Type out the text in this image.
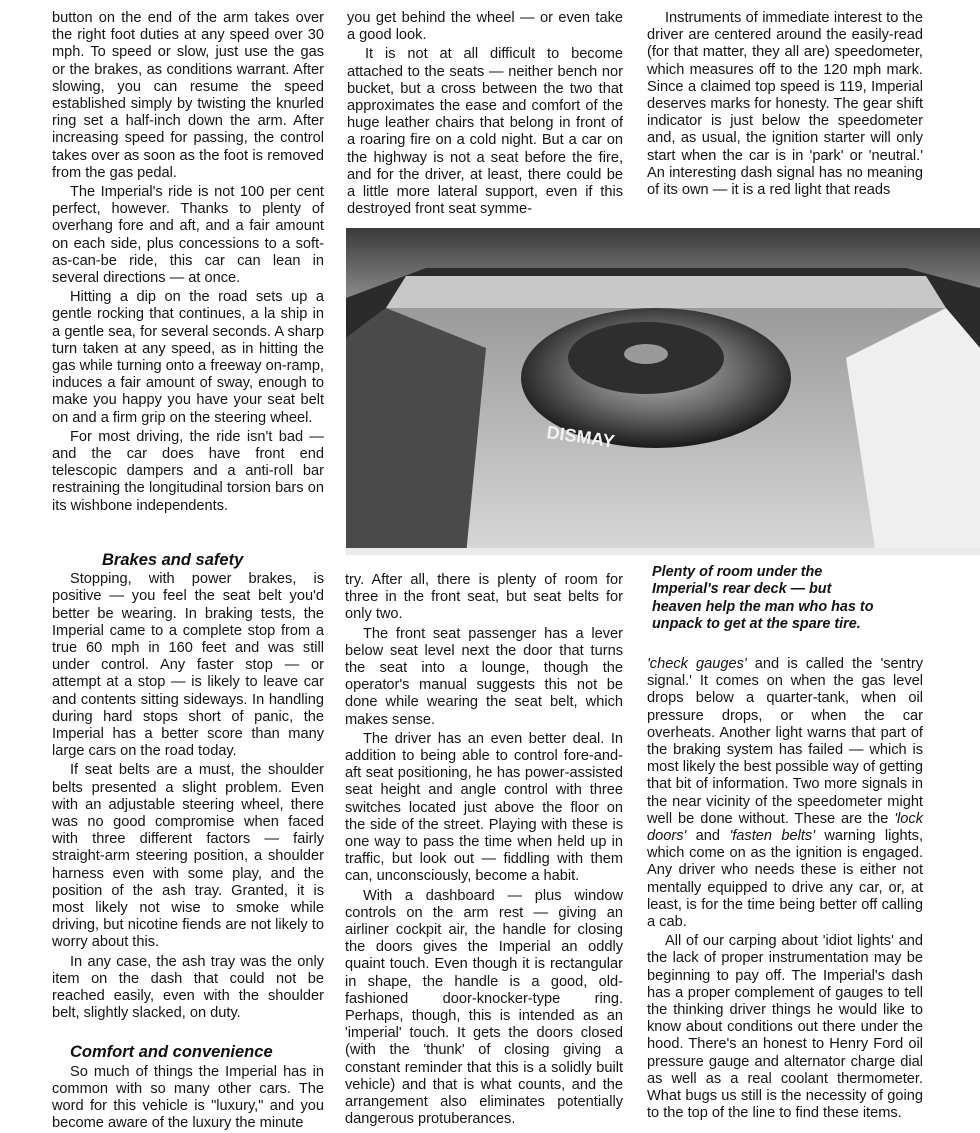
button on the end of the arm takes over the right foot duties at any speed over 30 mph. To speed or slow, just use the gas or the brakes, as conditions warrant. After slowing, you can resume the speed established simply by twisting the knurled ring set a half-inch down the arm. After increasing speed for passing, the control takes over as soon as the foot is removed from the gas pedal.

The Imperial's ride is not 100 per cent perfect, however. Thanks to plenty of overhang fore and aft, and a fair amount on each side, plus concessions to a soft-as-can-be ride, this car can lean in several directions — at once.

Hitting a dip on the road sets up a gentle rocking that continues, a la ship in a gentle sea, for several seconds. A sharp turn taken at any speed, as in hitting the gas while turning onto a freeway on-ramp, induces a fair amount of sway, enough to make you happy you have your seat belt on and a firm grip on the steering wheel.

For most driving, the ride isn't bad — and the car does have front end telescopic dampers and a anti-roll bar restraining the longitudinal torsion bars on its wishbone independents.

Brakes and safety

Stopping, with power brakes, is positive — you feel the seat belt you'd better be wearing. In braking tests, the Imperial came to a complete stop from a true 60 mph in 160 feet and was still under control. Any faster stop — or attempt at a stop — is likely to leave car and contents sitting sideways. In handling during hard stops short of panic, the Imperial has a better score than many large cars on the road today.

If seat belts are a must, the shoulder belts presented a slight problem. Even with an adjustable steering wheel, there was no good compromise when faced with three different factors — fairly straight-arm steering position, a shoulder harness even with some play, and the position of the ash tray. Granted, it is most likely not wise to smoke while driving, but nicotine fiends are not likely to worry about this.

In any case, the ash tray was the only item on the dash that could not be reached easily, even with the shoulder belt, slightly slacked, on duty.

Comfort and convenience

So much of things the Imperial has in common with so many other cars. The word for this vehicle is "luxury," and you become aware of the luxury the minute

you get behind the wheel — or even take a good look.

It is not at all difficult to become attached to the seats — neither bench nor bucket, but a cross between the two that approximates the ease and comfort of the huge leather chairs that belong in front of a roaring fire on a cold night. But a car on the highway is not a seat before the fire, and for the driver, at least, there could be a little more lateral support, even if this destroyed front seat symme-

Instruments of immediate interest to the driver are centered around the easily-read (for that matter, they all are) speedometer, which measures off to the 120 mph mark. Since a claimed top speed is 119, Imperial deserves marks for honesty. The gear shift indicator is just below the speedometer and, as usual, the ignition starter will only start when the car is in 'park' or 'neutral.' An interesting dash signal has no meaning of its own — it is a red light that reads

DISMAY

try. After all, there is plenty of room for three in the front seat, but seat belts for only two.

The front seat passenger has a lever below seat level next the door that turns the seat into a lounge, though the operator's manual suggests this not be done while wearing the seat belt, which makes sense.

The driver has an even better deal. In addition to being able to control fore-and-aft seat positioning, he has power-assisted seat height and angle control with three switches located just above the floor on the side of the street. Playing with these is one way to pass the time when held up in traffic, but look out — fiddling with them can, unconsciously, become a habit.

With a dashboard — plus window controls on the arm rest — giving an airliner cockpit air, the handle for closing the doors gives the Imperial an oddly quaint touch. Even though it is rectangular in shape, the handle is a good, old-fashioned door-knocker-type ring. Perhaps, though, this is intended as an 'imperial' touch. It gets the doors closed (with the 'thunk' of closing giving a constant reminder that this is a solidly built vehicle) and that is what counts, and the arrangement also eliminates potentially dangerous protuberances.

Plenty of room under the
Imperial's rear deck — but
heaven help the man who has to
unpack to get at the spare tire.

'check gauges' and is called the 'sentry signal.' It comes on when the gas level drops below a quarter-tank, when oil pressure drops, or when the car overheats. Another light warns that part of the braking system has failed — which is most likely the best possible way of getting that bit of information. Two more signals in the near vicinity of the speedometer might well be done without. These are the 'lock doors' and 'fasten belts' warning lights, which come on as the ignition is engaged. Any driver who needs these is either not mentally equipped to drive any car, or, at least, is for the time being better off calling a cab.

All of our carping about 'idiot lights' and the lack of proper instrumentation may be beginning to pay off. The Imperial's dash has a proper complement of gauges to tell the thinking driver things he would like to know about conditions out there under the hood. There's an honest to Henry Ford oil pressure gauge and alternator charge dial as well as a real coolant thermometer. What bugs us still is the necessity of going to the top of the line to find these items.
